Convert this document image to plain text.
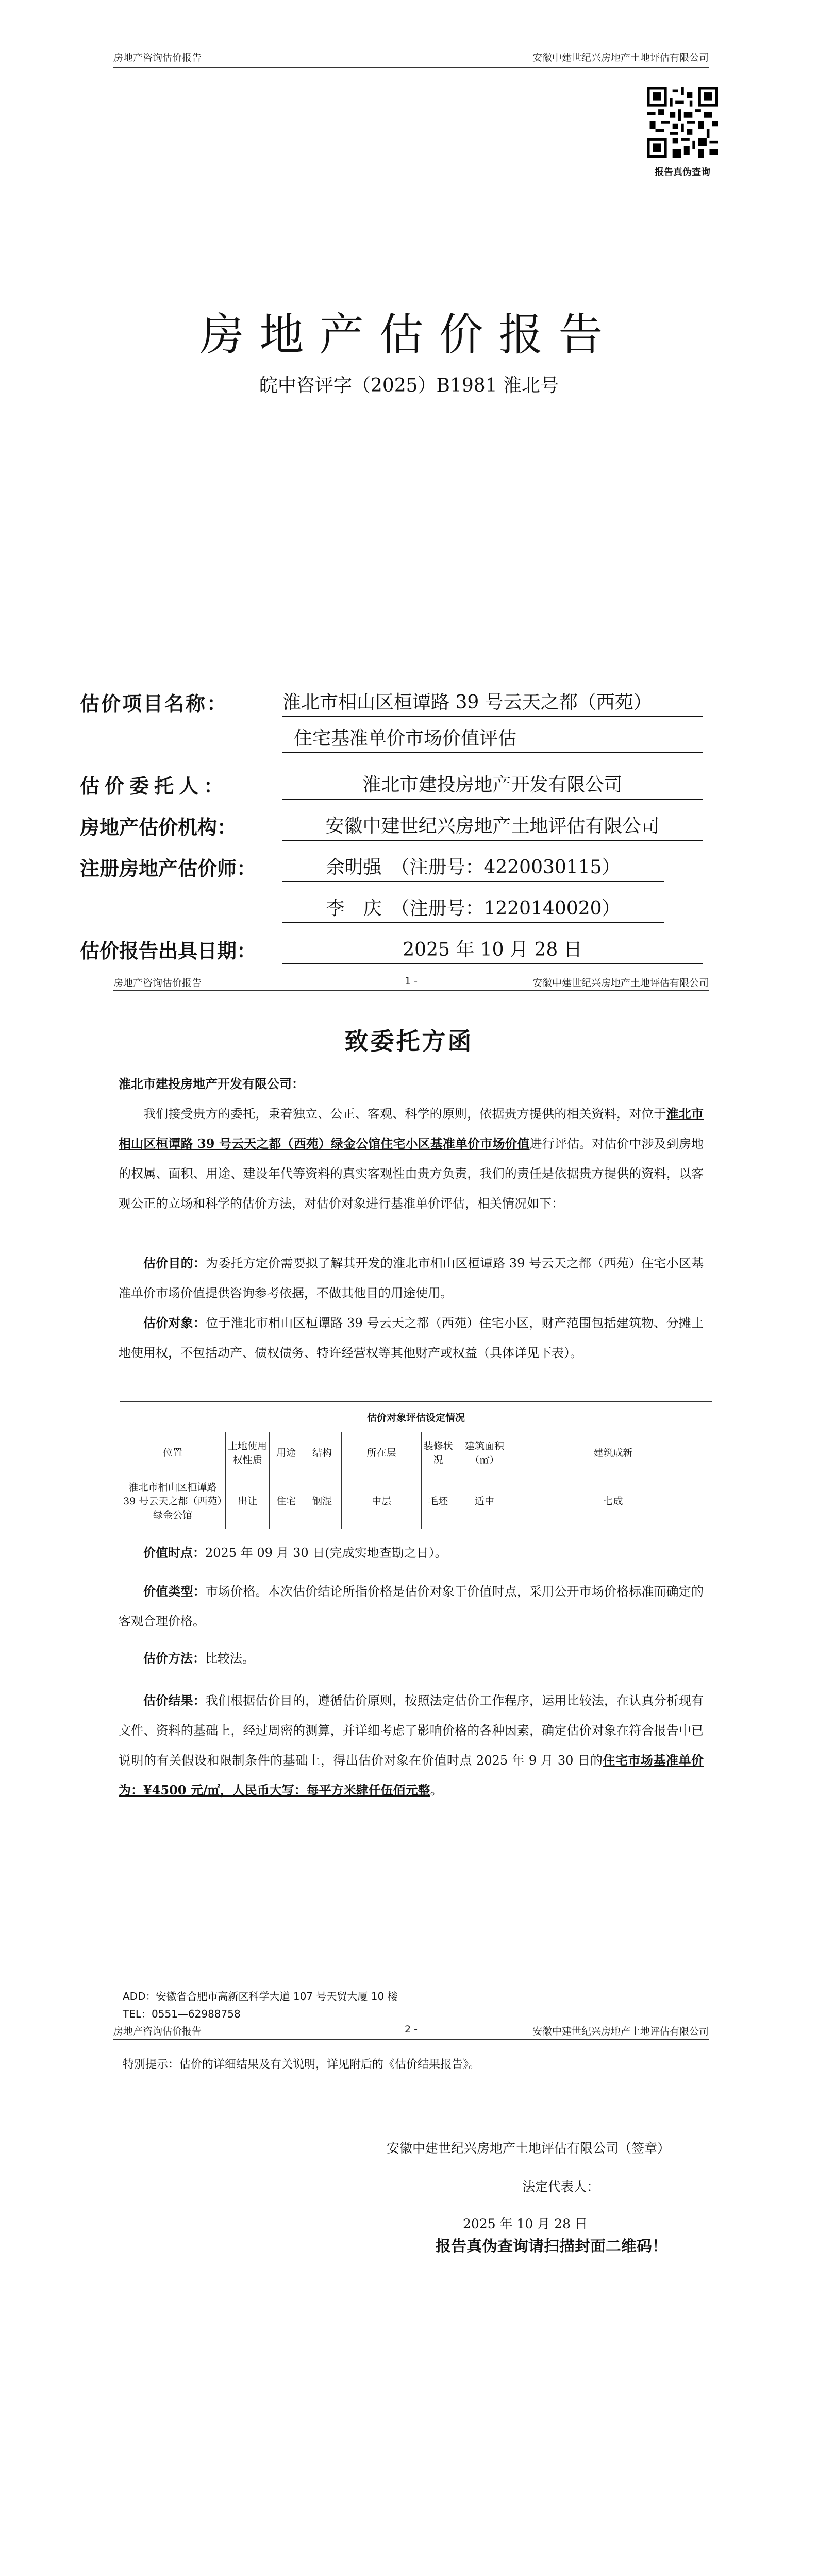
房地产咨询估价报告	安徽中建世纪兴房地产土地评估有限公司
报告真伪查询
房地产估价报告
皖中咨评字（2025）B1981 淮北号
估价项目名称：	淮北市相山区桓谭路 39 号云天之都（西苑）
住宅基准单价市场价值评估
估价委托人：	淮北市建投房地产开发有限公司
房地产估价机构：	安徽中建世纪兴房地产土地评估有限公司
注册房地产估价师：	余明强　（注册号：4220030115）
李　庆　（注册号：1220140020）
估价报告出具日期：	2025 年 10 月 28 日
房地产咨询估价报告	1 -	安徽中建世纪兴房地产土地评估有限公司
致委托方函
淮北市建投房地产开发有限公司：
我们接受贵方的委托，秉着独立、公正、客观、科学的原则，依据贵方提供的相关资料，对位于淮北市相山区桓谭路 39 号云天之都（西苑）绿金公馆住宅小区基准单价市场价值进行评估。对估价中涉及到房地的权属、面积、用途、建设年代等资料的真实客观性由贵方负责，我们的责任是依据贵方提供的资料，以客观公正的立场和科学的估价方法，对估价对象进行基准单价评估，相关情况如下：
估价目的：为委托方定价需要拟了解其开发的淮北市相山区桓谭路 39 号云天之都（西苑）住宅小区基准单价市场价值提供咨询参考依据，不做其他目的用途使用。
估价对象：位于淮北市相山区桓谭路 39 号云天之都（西苑）住宅小区，财产范围包括建筑物、分摊土地使用权，不包括动产、债权债务、特许经营权等其他财产或权益（具体详见下表）。
估价对象评估设定情况							
位置	土地使用权性质	用途	结构	所在层	装修状况	建筑面积（㎡）	建筑成新
淮北市相山区桓谭路 39 号云天之都（西苑）绿金公馆	出让	住宅	钢混	中层	毛坯	适中	七成
价值时点：2025 年 09 月 30 日(完成实地查勘之日）。
价值类型：市场价格。本次估价结论所指价格是估价对象于价值时点，采用公开市场价格标准而确定的客观合理价格。
估价方法：比较法。
估价结果：我们根据估价目的，遵循估价原则，按照法定估价工作程序，运用比较法，在认真分析现有文件、资料的基础上，经过周密的测算，并详细考虑了影响价格的各种因素，确定估价对象在符合报告中已说明的有关假设和限制条件的基础上，得出估价对象在价值时点 2025 年 9 月 30 日的住宅市场基准单价为：¥4500 元/㎡，人民币大写：每平方米肆仟伍佰元整。
ADD：安徽省合肥市高新区科学大道 107 号天贸大厦 10 楼
TEL：0551—62988758
房地产咨询估价报告	2 -	安徽中建世纪兴房地产土地评估有限公司
特别提示：估价的详细结果及有关说明，详见附后的《估价结果报告》。
安徽中建世纪兴房地产土地评估有限公司（签章）
法定代表人：
2025 年 10 月 28 日
报告真伪查询请扫描封面二维码！
